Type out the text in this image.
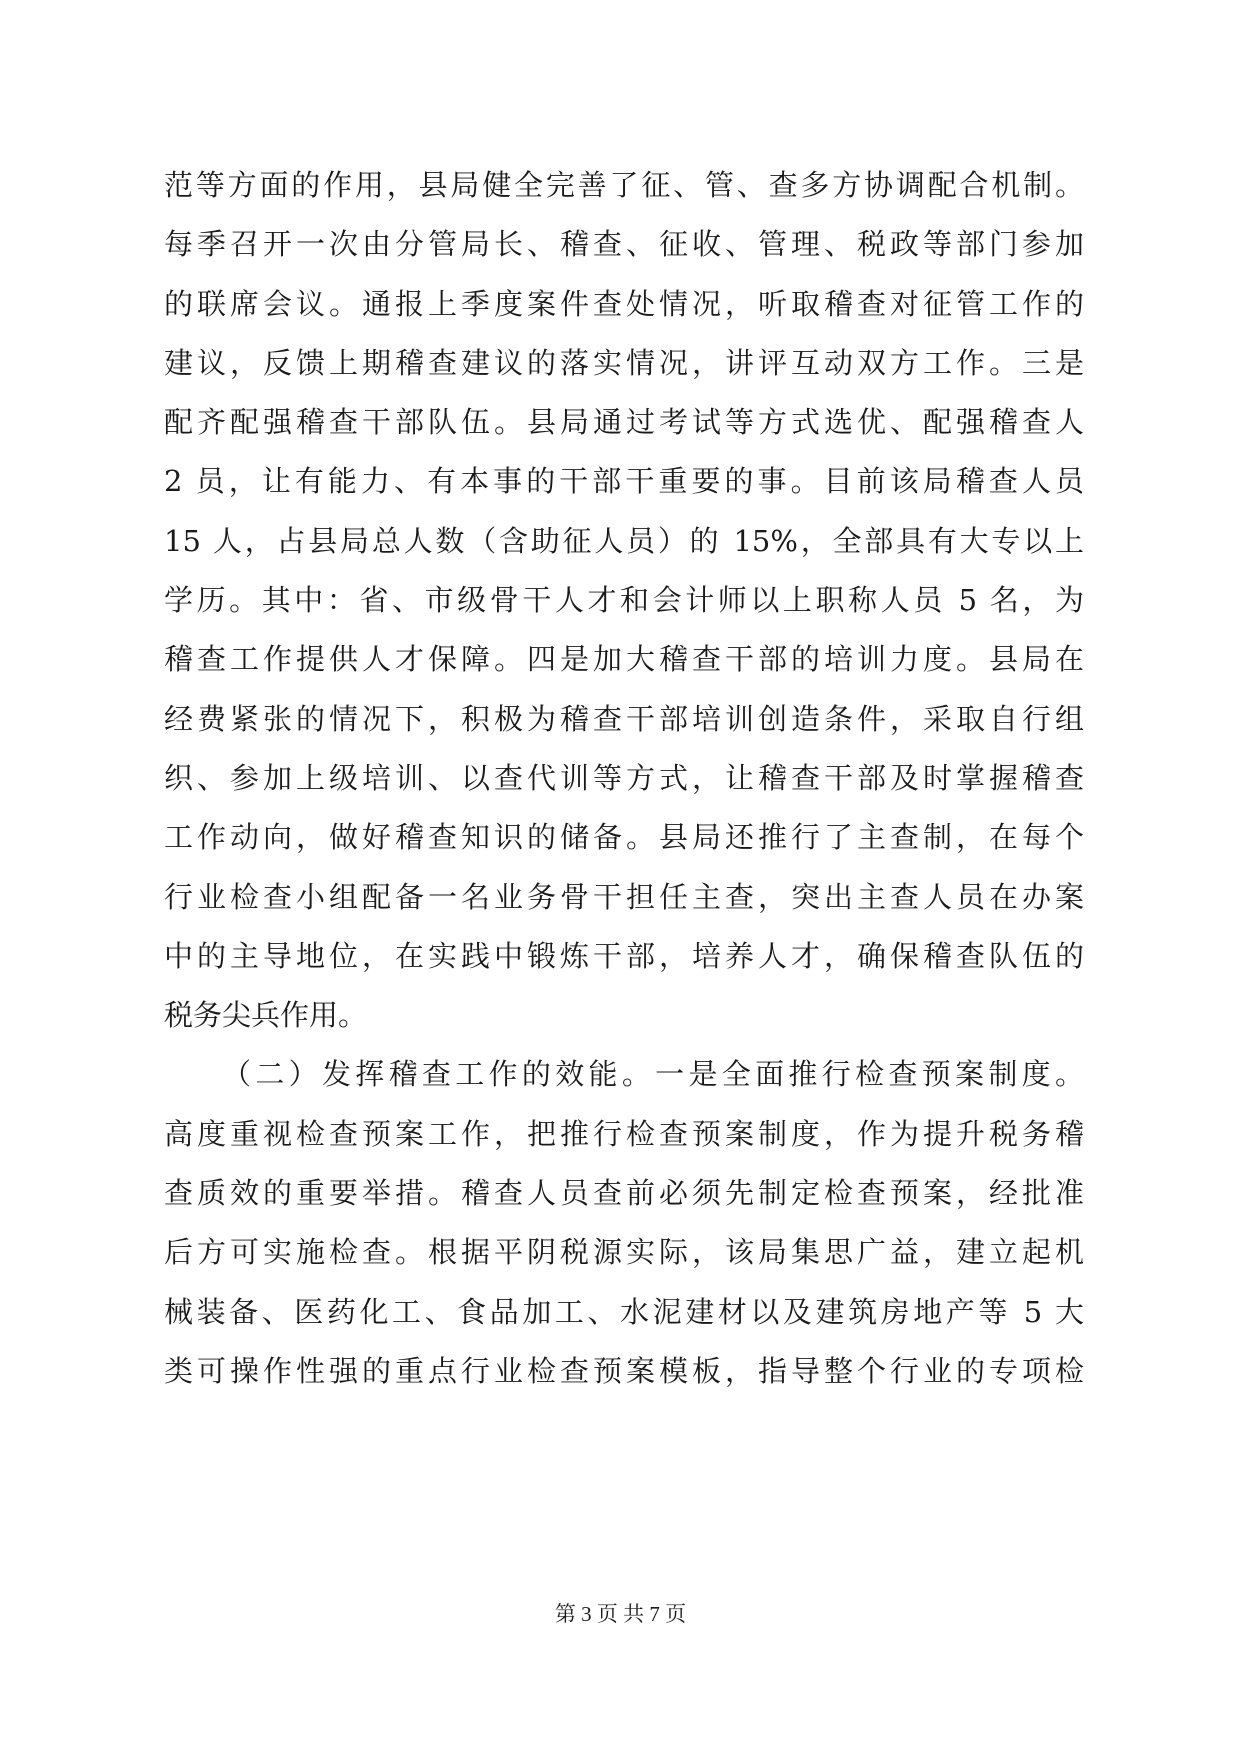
范等方面的作用，县局健全完善了征、管、查多方协调配合机制。
每季召开一次由分管局长、稽查、征收、管理、税政等部门参加
的联席会议。通报上季度案件查处情况，听取稽查对征管工作的
建议，反馈上期稽查建议的落实情况，讲评互动双方工作。三是
配齐配强稽查干部队伍。县局通过考试等方式选优、配强稽查人
2 员，让有能力、有本事的干部干重要的事。目前该局稽查人员
15 人，占县局总人数（含助征人员）的 15%，全部具有大专以上
学历。其中：省、市级骨干人才和会计师以上职称人员 5 名，为
稽查工作提供人才保障。四是加大稽查干部的培训力度。县局在
经费紧张的情况下，积极为稽查干部培训创造条件，采取自行组
织、参加上级培训、以查代训等方式，让稽查干部及时掌握稽查
工作动向，做好稽查知识的储备。县局还推行了主查制，在每个
行业检查小组配备一名业务骨干担任主查，突出主查人员在办案
中的主导地位，在实践中锻炼干部，培养人才，确保稽查队伍的
税务尖兵作用。
（二）发挥稽查工作的效能。一是全面推行检查预案制度。
高度重视检查预案工作，把推行检查预案制度，作为提升税务稽
查质效的重要举措。稽查人员查前必须先制定检查预案，经批准
后方可实施检查。根据平阴税源实际，该局集思广益，建立起机
械装备、医药化工、食品加工、水泥建材以及建筑房地产等 5 大
类可操作性强的重点行业检查预案模板，指导整个行业的专项检
第 3 页 共 7 页
